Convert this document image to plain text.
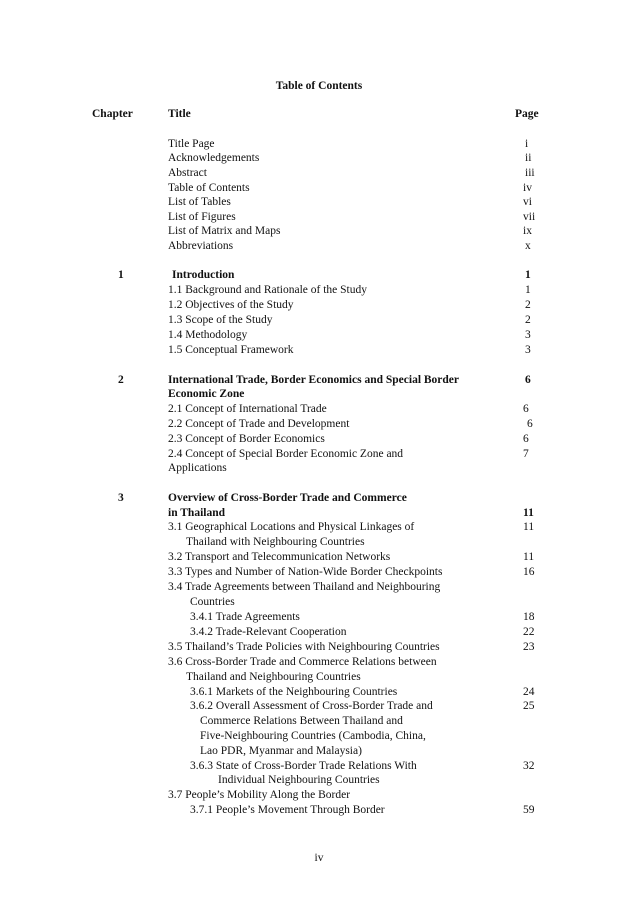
Table of Contents
Chapter	Title	Page
Title Page	i
Acknowledgements	ii
Abstract	iii
Table of Contents	iv
List of Tables	vi
List of Figures	vii
List of Matrix and Maps	ix
Abbreviations	x
1	Introduction	1
1.1 Background and Rationale of the Study	1
1.2 Objectives of the Study	2
1.3 Scope of the Study	2
1.4 Methodology	3
1.5 Conceptual Framework	3
2	International Trade, Border Economics and Special Border	6
Economic Zone
2.1 Concept of International Trade	6
2.2 Concept of Trade and Development	6
2.3 Concept of Border Economics	6
2.4 Concept of Special Border Economic Zone and	7
Applications
3	Overview of Cross-Border Trade and Commerce
in Thailand	11
3.1 Geographical Locations and Physical Linkages of	11
Thailand with Neighbouring Countries
3.2 Transport and Telecommunication Networks	11
3.3 Types and Number of Nation-Wide Border Checkpoints	16
3.4 Trade Agreements between Thailand and Neighbouring
Countries
3.4.1 Trade Agreements	18
3.4.2 Trade-Relevant Cooperation	22
3.5 Thailand’s Trade Policies with Neighbouring Countries	23
3.6 Cross-Border Trade and Commerce Relations between
Thailand and Neighbouring Countries
3.6.1 Markets of the Neighbouring Countries	24
3.6.2 Overall Assessment of Cross-Border Trade and	25
Commerce Relations Between Thailand and
Five-Neighbouring Countries (Cambodia, China,
Lao PDR, Myanmar and Malaysia)
3.6.3 State of Cross-Border Trade Relations With	32
Individual Neighbouring Countries
3.7 People’s Mobility Along the Border
3.7.1 People’s Movement Through Border	59
iv
